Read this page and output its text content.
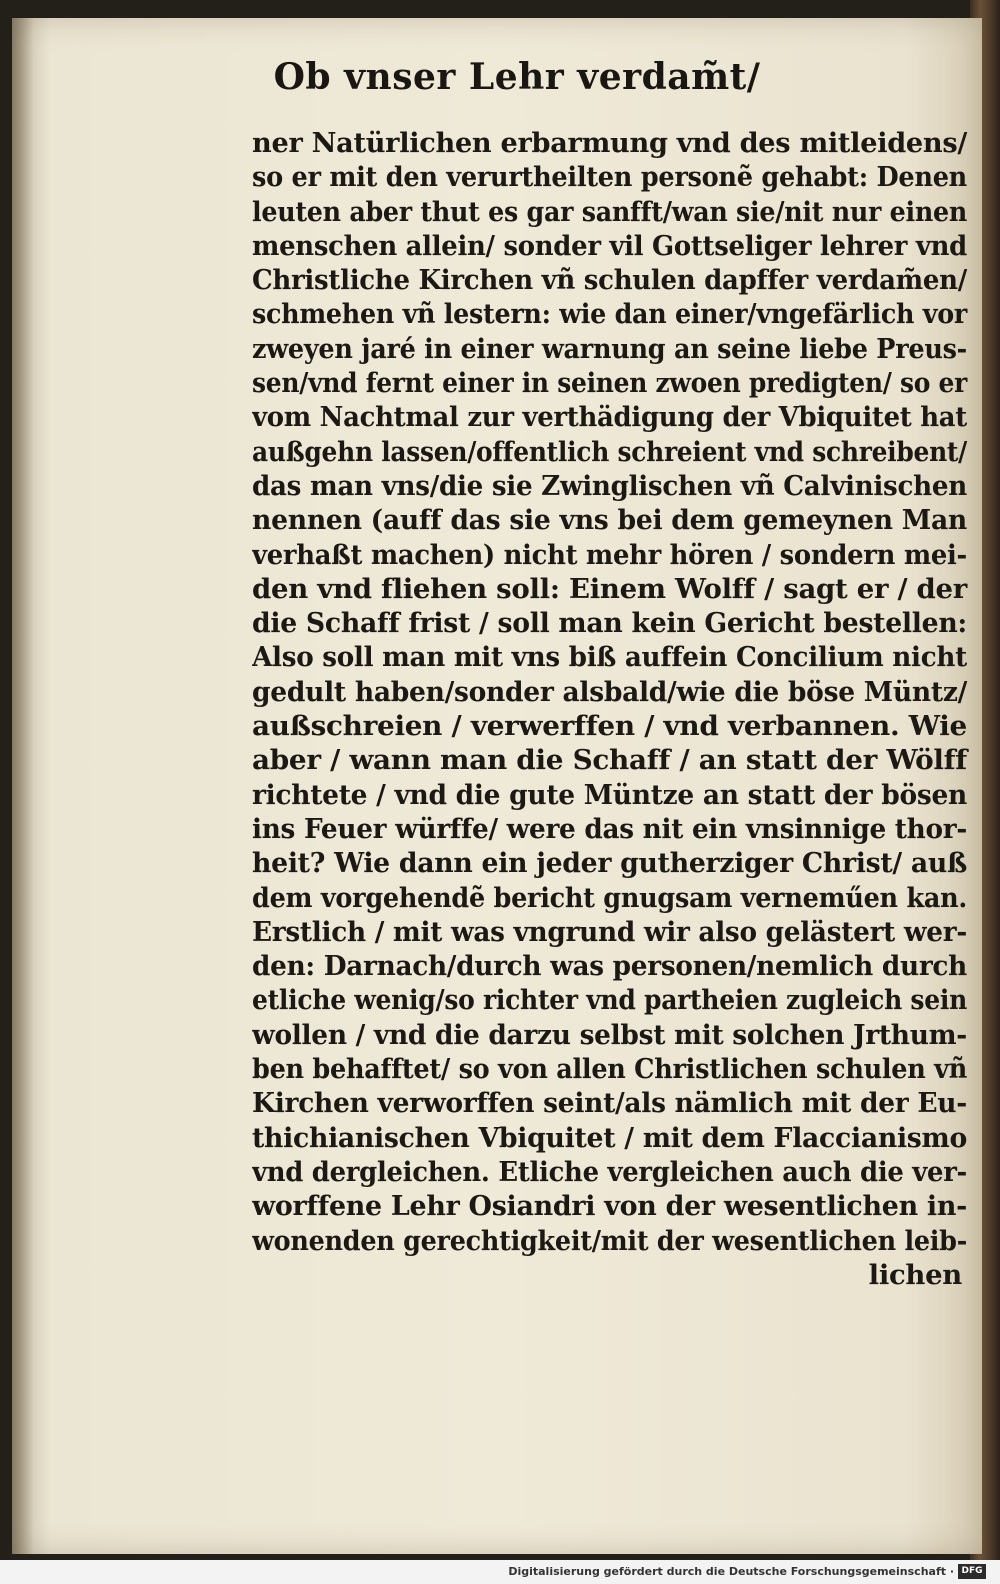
Ob vnser Lehr verdam̃t/
ner Natürlichen erbarmung vnd des mitleidens/
so er mit den verurtheilten personẽ gehabt: Denen
leuten aber thut es gar sanfft/wan sie/nit nur einen
menschen allein/ sonder vil Gottseliger lehrer vnd
Christliche Kirchen vñ schulen dapffer verdam̃en/
schmehen vñ lestern: wie dan einer/vngefärlich vor
zweyen jaré in einer warnung an seine liebe Preus-
sen/vnd fernt einer in seinen zwoen predigten/ so er
vom Nachtmal zur verthädigung der Vbiquitet hat
außgehn lassen/offentlich schreient vnd schreibent/
das man vns/die sie Zwinglischen vñ Calvinischen
nennen (auff das sie vns bei dem gemeynen Man
verhaßt machen) nicht mehr hören / sondern mei-
den vnd fliehen soll: Einem Wolff / sagt er / der
die Schaff frist / soll man kein Gericht bestellen:
Also soll man mit vns biß auffein Concilium nicht
gedult haben/sonder alsbald/wie die böse Müntz/
außschreien / verwerffen / vnd verbannen. Wie
aber / wann man die Schaff / an statt der Wölff
richtete / vnd die gute Müntze an statt der bösen
ins Feuer würffe/ were das nit ein vnsinnige thor-
heit? Wie dann ein jeder gutherziger Christ/ auß
dem vorgehendẽ bericht gnugsam verneműen kan.
Erstlich / mit was vngrund wir also gelästert wer-
den: Darnach/durch was personen/nemlich durch
etliche wenig/so richter vnd partheien zugleich sein
wollen / vnd die darzu selbst mit solchen Jrthum-
ben behafftet/ so von allen Christlichen schulen vñ
Kirchen verworffen seint/als nämlich mit der Eu-
thichianischen Vbiquitet / mit dem Flaccianismo
vnd dergleichen. Etliche vergleichen auch die ver-
worffene Lehr Osiandri von der wesentlichen in-
wonenden gerechtigkeit/mit der wesentlichen leib-
lichen
Digitalisierung gefördert durch die Deutsche Forschungsgemeinschaft · DFG
